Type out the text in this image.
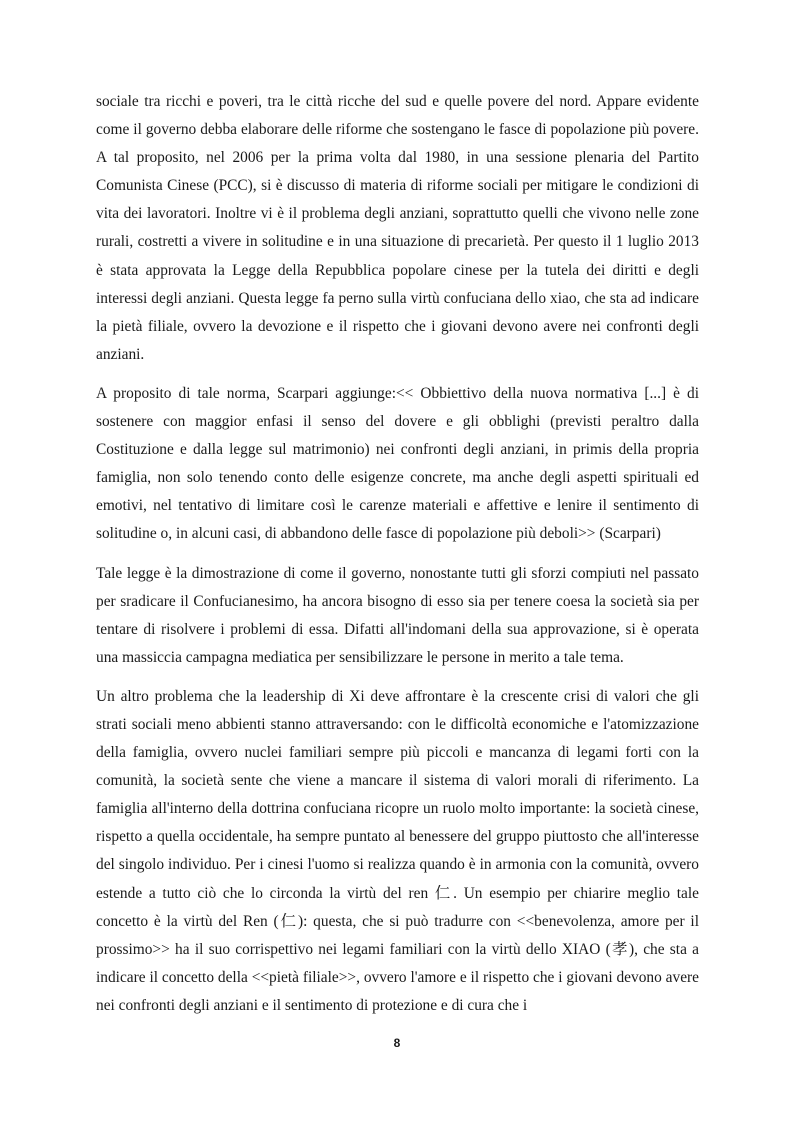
sociale tra ricchi e poveri, tra le città ricche del sud e quelle povere del nord. Appare evidente come il governo debba elaborare delle riforme che sostengano le fasce di popolazione più povere. A tal proposito, nel 2006 per la prima volta dal 1980, in una sessione plenaria del Partito Comunista Cinese (PCC), si è discusso di materia di riforme sociali per mitigare le condizioni di vita dei lavoratori. Inoltre vi è il problema degli anziani, soprattutto quelli che vivono nelle zone rurali, costretti a vivere in solitudine e in una situazione di precarietà. Per questo il 1 luglio 2013 è stata approvata la Legge della Repubblica popolare cinese per la tutela dei diritti e degli interessi degli anziani. Questa legge fa perno sulla virtù confuciana dello xiao, che sta ad indicare la pietà filiale, ovvero la devozione e il rispetto che i giovani devono avere nei confronti degli anziani.

A proposito di tale norma, Scarpari aggiunge:<< Obbiettivo della nuova normativa [...] è di sostenere con maggior enfasi il senso del dovere e gli obblighi (previsti peraltro dalla Costituzione e dalla legge sul matrimonio) nei confronti degli anziani, in primis della propria famiglia, non solo tenendo conto delle esigenze concrete, ma anche degli aspetti spirituali ed emotivi, nel tentativo di limitare così le carenze materiali e affettive e lenire il sentimento di solitudine o, in alcuni casi, di abbandono delle fasce di popolazione più deboli>> (Scarpari)

Tale legge è la dimostrazione di come il governo, nonostante tutti gli sforzi compiuti nel passato per sradicare il Confucianesimo, ha ancora bisogno di esso sia per tenere coesa la società sia per tentare di risolvere i problemi di essa. Difatti all'indomani della sua approvazione, si è operata una massiccia campagna mediatica per sensibilizzare le persone in merito a tale tema.

Un altro problema che la leadership di Xi deve affrontare è la crescente crisi di valori che gli strati sociali meno abbienti stanno attraversando: con le difficoltà economiche e l'atomizzazione della famiglia, ovvero nuclei familiari sempre più piccoli e mancanza di legami forti con la comunità, la società sente che viene a mancare il sistema di valori morali di riferimento. La famiglia all'interno della dottrina confuciana ricopre un ruolo molto importante: la società cinese, rispetto a quella occidentale, ha sempre puntato al benessere del gruppo piuttosto che all'interesse del singolo individuo. Per i cinesi l'uomo si realizza quando è in armonia con la comunità, ovvero estende a tutto ciò che lo circonda la virtù del ren 仁. Un esempio per chiarire meglio tale concetto è la virtù del Ren (仁): questa, che si può tradurre con <<benevolenza, amore per il prossimo>> ha il suo corrispettivo nei legami familiari con la virtù dello XIAO (孝), che sta a indicare il concetto della <<pietà filiale>>, ovvero l'amore e il rispetto che i giovani devono avere nei confronti degli anziani e il sentimento di protezione e di cura che i

8
